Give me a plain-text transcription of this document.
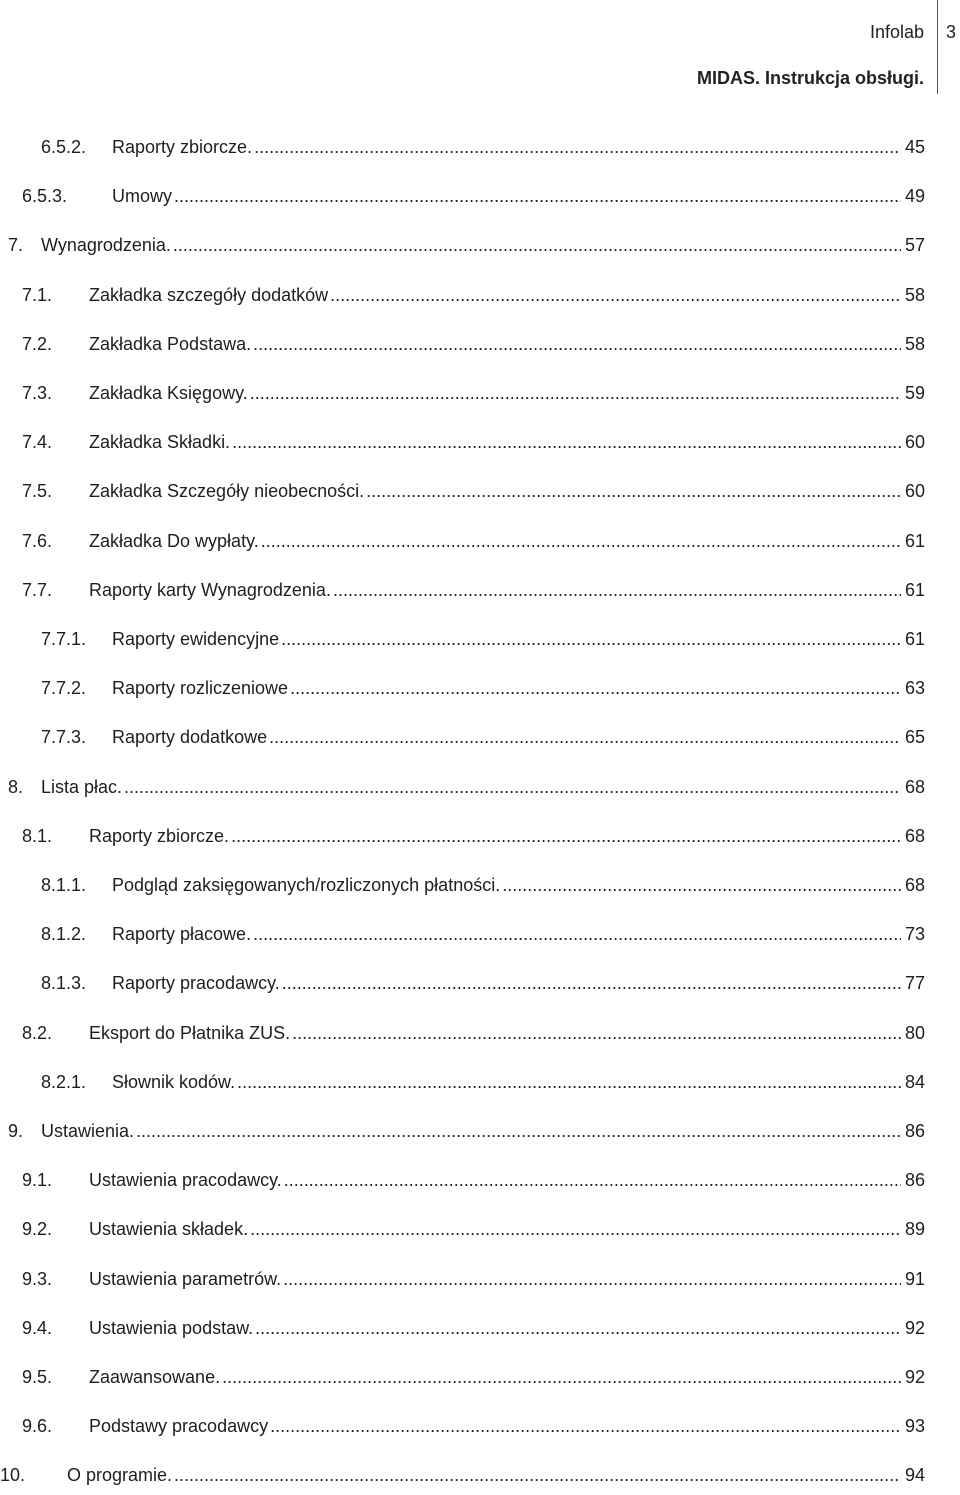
Infolab 3
MIDAS. Instrukcja obsługi.
6.5.2.	Raporty zbiorcze. .....	45
6.5.3.	Umowy .....	49
7. Wynagrodzenia. .....	57
7.1.	Zakładka szczegóły dodatków .....	58
7.2.	Zakładka Podstawa. .....	58
7.3.	Zakładka Księgowy. .....	59
7.4.	Zakładka Składki. .....	60
7.5.	Zakładka Szczegóły nieobecności. .....	60
7.6.	Zakładka Do wypłaty. .....	61
7.7.	Raporty karty Wynagrodzenia. .....	61
7.7.1.	Raporty ewidencyjne .....	61
7.7.2.	Raporty rozliczeniowe .....	63
7.7.3.	Raporty dodatkowe .....	65
8. Lista płac. .....	68
8.1.	Raporty zbiorcze. .....	68
8.1.1.	Podgląd zaksięgowanych/rozliczonych płatności. .....	68
8.1.2.	Raporty płacowe. .....	73
8.1.3.	Raporty pracodawcy. .....	77
8.2.	Eksport do Płatnika ZUS. .....	80
8.2.1.	Słownik kodów. .....	84
9. Ustawienia. .....	86
9.1.	Ustawienia pracodawcy. .....	86
9.2.	Ustawienia składek. .....	89
9.3.	Ustawienia parametrów. .....	91
9.4.	Ustawienia podstaw. .....	92
9.5.	Zaawansowane. .....	92
9.6.	Podstawy pracodawcy .....	93
10.	O programie. .....	94
